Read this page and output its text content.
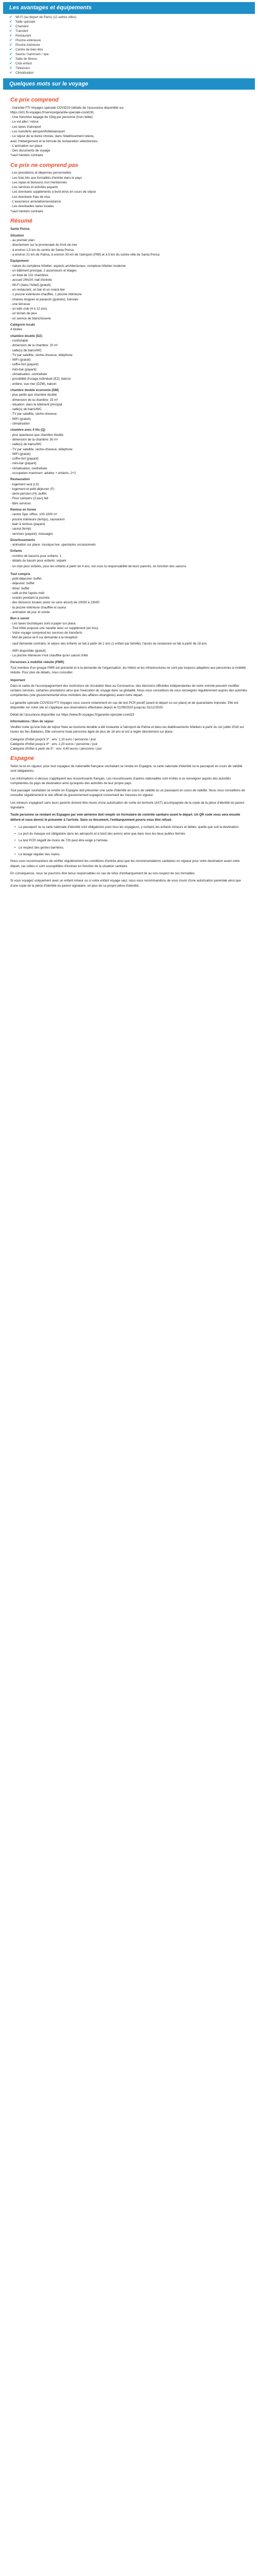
Les avantages et équipements
✔ Wi-Fi (au départ de Paris) (12 autres villes)
✔ Salle spéciale
✔ Chambre
✔ Transfert
✔ Restaurant
✔ Piscine extérieure
✔ Piscine intérieure
✔ Centre de bien-être
✔ Sauna / hammam / spa
✔ Salle de fitness
✔ Club enfant
✔ Télévision
✔ Climatisation
Quelques mots sur le voyage
Ce prix comprend
- Garantie FTI Voyages spéciale COVID19 (détails de l'assurance disponible sur
https://s01.fti-voyages.fr/service/garantie-speciale-covid19)
- Une franchise bagage de 15kg par personne (hors bébé)
- Le vol aller / retour
- Les taxes d'aéroport
- Les transferts aéroport/hôtel/aéroport
- Le séjour de la durée choisie, dans l'établissement retenu,
avec l'hébergement et la formule de restauration sélectionnés.
- L'animation sur place
- Des documents de voyage
*sauf mention contraire
Ce prix ne comprend pas
- Les prestations et dépenses personnelles
- Les frais liés aux formalités d'entrée dans le pays
- Les repas et boissons non mentionnés
- Les services et activités payants
- Les éventuels suppléments à bord et/ou en cours de séjour
- Les éventuels frais de visa
- L'assurance annulation/assistance
- Les éventuelles taxes locales
*sauf mention contraire
Résumé
Santa Ponsa
Situation
- au premier plan
- directement sur la promenade du front de mer
- à environ 1,5 km du centre de Santa Ponsa
- à environ 21 km de Palma, à environ 30 km de l'aéroport (PMI) et à 5 km du centre-ville de Santa Ponsa
Equipement
- nature du complexe hôtelier: aspects architecturaux, complexe hôtelier moderne
- un bâtiment principal, 2 ascenseurs et étages
- un total de 131 chambres
- accueil 24h/24, hall d'entrée
- Wi-Fi (dans l'hôtel) (gratuit)
- un restaurant, un bar et un snack-bar
- 1 piscine extérieure chauffée, 1 piscine intérieure
- chaises longues et parasols (gratuits), transats
- une terrasse
- un kids club (4 à 12 ans)
- un terrain de jeux
- un service de blanchisserie
Catégorie locale
4 étoiles
chambre double (DZ)
- confortable
- dimension de la chambre: 20 m²
- salle(s) de bains/WC
- TV par satellite, sèche-cheveux, téléphone
- WiFi (gratuit)
- coffre-fort (payant)
- mini-bar (payant)
- climatisation, centralisée
- possibilité d'usage individuel (EZ), balcon
- entière, vue mer (DZM), balcon
chambre double économie (DM)
- plus petite que chambre double
- dimension de la chambre: 15 m²
- situation: dans le bâtiment principal
- salle(s) de bains/WC
- TV par satellite, sèche-cheveux
- WiFi (gratuit)
- climatisation
chambre avec 4 lits (Q)
- plus spacieuse que chambre double
- dimension de la chambre: 30 m²
- salle(s) de bains/WC
- TV par satellite, sèche-cheveux, téléphone
- WiFi (gratuit)
- coffre-fort (payant)
- mini-bar (payant)
- climatisation, centralisée
- occupation maximum: adultes + enfants, 2+2
Restauration
- logement seul (LS)
- logement et petit-déjeuner (F)
- demi-pension (H), buffet
- Pour campers (3 jour) fait
- libre services
Remise en forme
- centre Spa: offres: 100-1000 m²
- piscine intérieure (temps), saunarium
- bain à remous (payant)
- sauna (temp)
- services (payant): massages
Divertissements
- animation sur place: musique live, spectacles occasionnels
Enfants
- nombre de bassins pour enfants: 1
- détails du bassin pour enfants: séparé

- un club pour enfants, pour les enfants à partir de 4 ans, est sous la responsabilité de leurs parents, en fonction des saisons

Tout compris
- petit-déjeuner: buffet
- déjeuner: buffet
- dîner: buffet
- café et thé l'après-midi
- snacks pendant la journée
- des boissons locales (avec ou sans alcool) de 10h00 à 23h00
- la piscine intérieure chauffée et sauna
- animation de jour et soirée
Bon à savoir
- Les taxes touristiques sont à payer sur place.
- Tout hôtel propose une navette avec un supplément (en bus)
- Votre voyage comprend les services de transferts
- Mot de passe wi-fi sur demande à la réception

- sauf demande contraire, le séjour des enfants se fait à partir de 2 ans (1 enfant par famille), l'accès au restaurant se fait à partir de 18 ans

- WiFi disponible (gratuit)
- La piscine intérieure n'est chauffée qu'en saison d'été
Personnes à mobilité réduite (PMR)

Tout membre d'un groupe PMR est présenté et à la demande de l'organisation, les hôtels et les infrastructures ne sont pas toujours adaptées aux personnes à mobilité réduite. Pour plus de détails, nous consulter.

Important

Dans le cadre de l'accompagnement des restrictions de circulation liées au Coronavirus, des décisions officielles indépendantes de notre volonté peuvent modifier certains services, certaines prestations ainsi que l'exécution du voyage dans sa globalité. Nous vous conseillons de vous renseigner régulièrement auprès des autorités compétentes (site gouvernemental et/ou ministère des affaires étrangères) avant votre départ.

La garantie spéciale COVID19 FTI Voyages vous couvre notamment en cas de test PCR positif (avant le départ ou sur place) et de quarantaine imposée. Elle est disponible sur notre site et s'applique aux réservations effectuées depuis le 01/09/2020 jusqu'au 31/12/2020.

Détail de l'assurance disponible sur https://www.fti-voyages.fr/garantie-speciale-covid19
Informations / Bon de séjour

Veuillez noter qu'une liste de séjour fixée au tourisme durable a été instaurée à l'aéroport de Palma et dans les établissements hôteliers à partir du 1er juillet 2016 sur toutes les îles Baléares. Elle concerne toute personne âgée de plus de 16 ans et est à régler directement sur place.

Catégorie d'hôtel jusqu'à 3* : env. 1,10 euro / personne / jour
Catégorie d'hôtel jusqu'à 4* : env. 2,20 euros / personne / jour
Catégorie d'hôtel à partir de 5* : env. 4,40 euros / personne / jour
Espagne

Selon la loi en vigueur, pour tout voyageur de nationalité française souhaitant se rendre en Espagne, la carte nationale d'identité ou le passeport en cours de validité sont obligatoires.

Les informations ci-dessus s'appliquent aux ressortissants français. Les ressortissants d'autres nationalités sont invités à se renseigner auprès des autorités compétentes du pays de destination ainsi qu'auprès des autorités de leur propre pays.

Tout passager souhaitant se rendre en Espagne doit présenter une carte d'identité en cours de validité ou un passeport en cours de validité. Nous vous conseillons de consulter régulièrement le site officiel du gouvernement espagnol concernant les mesures en vigueur.

Les mineurs voyageant sans leurs parents doivent être munis d'une autorisation de sortie du territoire (AST) accompagnée de la copie de la pièce d'identité du parent signataire.

Toute personne se rendant en Espagne par voie aérienne doit remplir un formulaire de contrôle sanitaire avant le départ. Un QR code vous sera ensuite délivré et vous devrez le présenter à l'arrivée. Sans ce document, l'embarquement pourra vous être refusé.

• Le passeport ou la carte nationale d'identité sont obligatoires pour tous les voyageurs, y compris les enfants mineurs et bébés, quelle que soit la destination.
• Le port du masque est obligatoire dans les aéroports et à bord des avions ainsi que dans tous les lieux publics fermés.
• Le test PCR négatif de moins de 72h peut être exigé à l'arrivée.
• Le respect des gestes barrières.
• Le lavage régulier des mains.

Nous vous recommandons de vérifier régulièrement les conditions d'entrée ainsi que les recommandations sanitaires en vigueur pour votre destination avant votre départ, car celles-ci sont susceptibles d'évoluer en fonction de la situation sanitaire.

En conséquence, nous ne pourrons être tenus responsables en cas de refus d'embarquement lié au non-respect de ces formalités.

Si vous voyagez uniquement avec un enfant mineur ou si votre enfant voyage seul, nous vous recommandons de vous munir d'une autorisation parentale ainsi que d'une copie de la pièce d'identité du parent signataire, en plus de sa propre pièce d'identité.
